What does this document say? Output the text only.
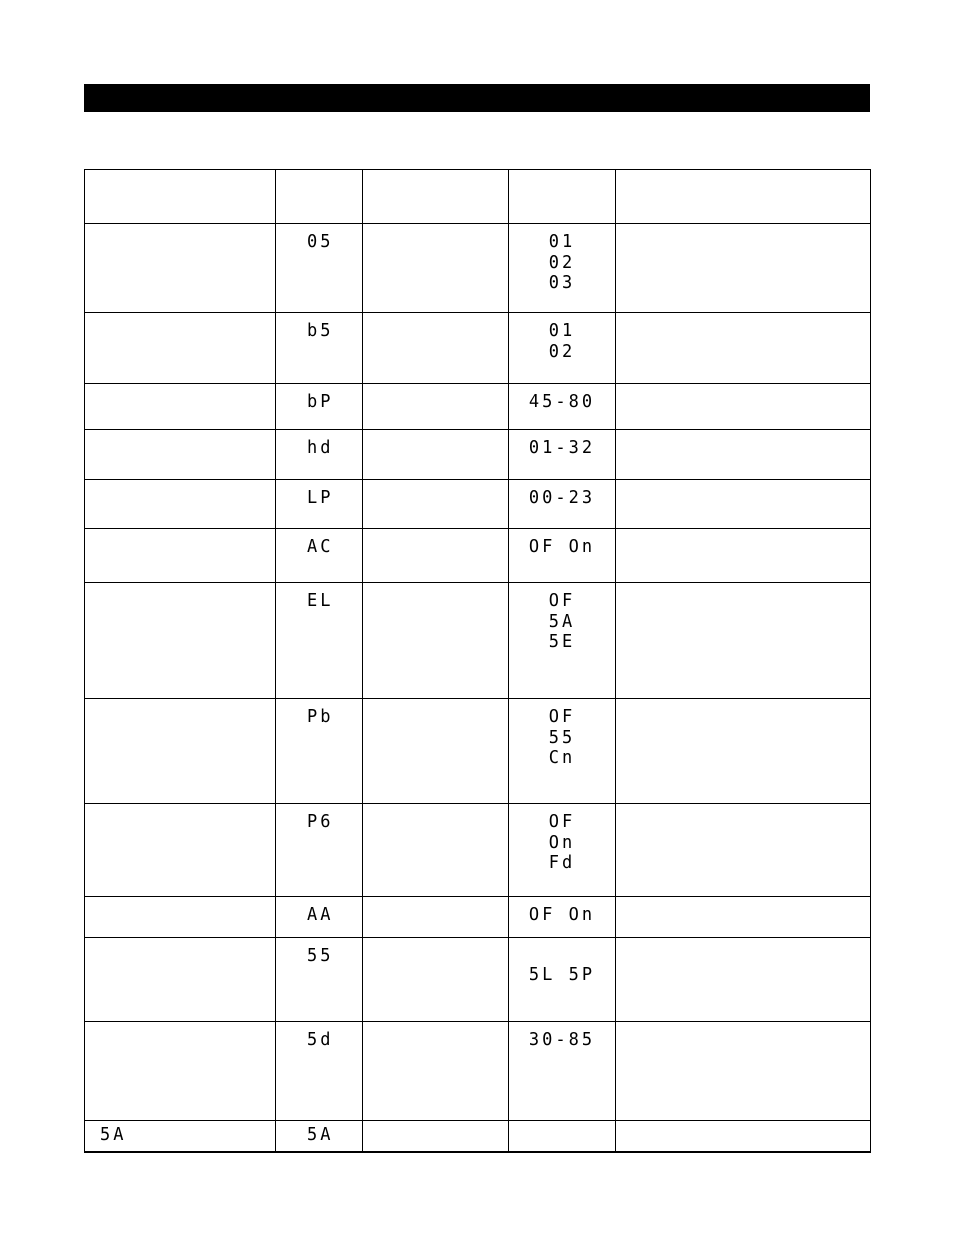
	05		01
02
03	

	b5		01
02	

	bP		45-80	

	hd		01-32	

	LP		00-23	

	AC		OF On	

	EL		OF
5A
5E	

	Pb		OF
55
Cn	

	P6		OF
On
Fd	

	AA		OF On	

	55		5L 5P	

	5d		30-85	

5A	5A			
